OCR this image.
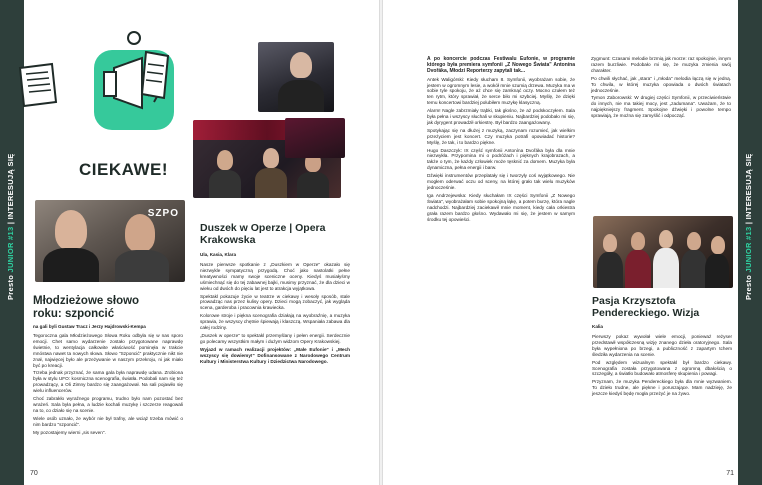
Presto JUNIOR #13 | INTERESUJĄ SIĘ	CIEKAWE!
SZPO
Młodzieżowe słowo roku: szponcić
na gali byli Gustaw Tracz i Jerzy Hajdrowski-Kempa

Tegoroczna gala Młodzieżowego Słowa Roku odbyła się w nas sporo emocji. Chet samo wydarzenie zostało przygotowane naprawdę świetnie, to wentylacja całkowite właściwość pominęła w trakcie mnóstwa nawet ta nowych słowa. Słowo "Szponcić" praktycznie nikt nie znał, najwięcej było ale przeżywanie w naszym przekroju, ni jak miało być po kreacji.

Trzeba jednak przyznać, że sama gala była naprawdę udana. Zrobiona była w stylu UFO: kosmiczna scenografia, światła. Podobali nam się też prowadzący, a Oli Zimny bardzo się zaangażował. Na sali pojawiło się wielu influencerów.

Choć zabrakło wyraźnego programu, trudno było nam pozostać bez wrażeń. Sala była pełna, a ludzie kochali muzykę i szczerze reagowali na to, co działo się na scenie.

Wiele osób uznało, że wybór nie był trafny, ale wciąż trzeba mówić o nim bardzo "szponcić".

My pozostajemy wierni „sis seven".

Duszek w Operze | Opera Krakowska
Ula, Kasia, Klara

Nasze pierwsze spotkanie z „Duszkiem w Operze" okazało się niezwykle sympatyczną przygodą. Choć jako nastolatki pełne kreatywności mamy swoje sceniczne oceny. Kiedyś musiałyśmy uśmiechnąć się do tej zabawnej bajki, musimy przyznać, że dla dzieci w wieku od dwóch do pięciu lat jest to atrakcja wyjątkowa.

Spektakl pokazuje życie w teatrze w ciekawy i wesoły sposób, stale prowadząc nas przez kulisy opery. Dzieci mogą zobaczyć, jak wygląda scena, garderoba i pracownia krawiecka.

Kolorowe stroje i piękna scenografia działają na wyobraźnię, a muzyka sprawia, że wszyscy chętnie śpiewają i klaszczą. Wspaniała zabawa dla całej rodziny.

„Duszek w operze" to spektakl przemyślany i pełen energii. Serdecznie go polecamy wszystkim małym i dużym widzom Opery Krakowskiej.

Wyjazd w ramach realizacji projektów: „Małe Eufonie" i „Mech wszyscy się dowiemy!" Dofinansowane z Narodowego Centrum Kultury i Ministerstwa Kultury i Dziedzictwa Narodowego.

70
Presto JUNIOR #13 | INTERESUJĄ SIĘ

A po koncercie podczas Festiwalu Eufonie, w programie którego była premiera symfonii „Z Nowego Świata" Antonína Dvořáka, Młodzi Reporterzy zapytali tak...

Antek Waligórski: Kiedy słucham 8. Symfonii, wyobrażam sobie, że jestem w ogromnym lesie, a wokół mnie szumią drzewa. Muzyka ma w sobie tyle spokoju, że aż chce się zamknąć oczy. Mocno czułem też ten rytm, który sprawiał, że serce biło mi szybciej. Myślę, że dzięki temu koncertowi bardziej polubiłem muzykę klasyczną.

Alarm! Nagle zabrzmiały trąbki, tak głośno, że aż podskoczyłem. Sala była pełna i wszyscy słuchali w skupieniu. Najbardziej podobało mi się, jak dyrygent prowadził orkiestrę. Był bardzo zaangażowany.

Spotykając się na dłużej z muzyką, zaczynam rozumieć, jak wielkim przeżyciem jest koncert. Czy muzyka potrafi opowiadać historie? Myślę, że tak, i to bardzo piękne.

Hugo Daszczyk: IX część symfonii Antonína Dvořáka była dla mnie niezwykła. Przypomina mi o podróżach i pięknych krajobrazach, a także o tym, że każdy człowiek może tęsknić za domem. Muzyka była dynamiczna, pełna energii i barw.

Dźwięki instrumentów przeplatały się i tworzyły coś wyjątkowego. Nie mogłem oderwać oczu od sceny, na której grało tak wielu muzyków jednocześnie.

Iga Andrzejewska: Kiedy słuchałam IX części Symfonii „Z Nowego Świata", wyobrażałam sobie spokojną łąkę, a potem burzę, która nagle nadchodzi. Najbardziej zaciekawił mnie moment, kiedy cała orkiestra grała razem bardzo głośno. Wydawało mi się, że jestem w samym środku tej opowieści.

Zygmunt: Czasami melodie brzmią jak morze: raz spokojnie, innym razem burzliwie. Podobało mi się, że muzyka zmienia swój charakter.

Po chwili słychać, jak „stara" i „młoda" melodia łączą się w jedną. To chwila, w której muzyka opowiada o dwóch światach jednocześnie.

Tymon Zaborowski: W drugiej części Symfonii, w przeciwieństwie do innych, nie ma takiej mocy, jest „zadumana". Uważam, że to najpiękniejszy fragment. Spokojne dźwięki i powolne tempo sprawiają, że można się zamyślić i odpocząć.

Pasja Krzysztofa Pendereckiego. Wizja
Kalia

Pierwszy pokaz wywołał wiele emocji, ponieważ reżyser przedstawił współczesną wizję znanego dzieła oratoryjnego. Sala była wypełniona po brzegi, a publiczność z zapartym tchem śledziła wydarzenia na scenie.

Pod względem wizualnym spektakl był bardzo ciekawy. Scenografia została przygotowana z ogromną dbałością o szczegóły, a światło budowało atmosferę skupienia i powagi.

Przyznam, że muzyka Pendereckiego była dla mnie wyzwaniem. To dzieło trudne, ale piękne i poruszające. Mam nadzieję, że jeszcze kiedyś będę mogła przeżyć je na żywo.

71
